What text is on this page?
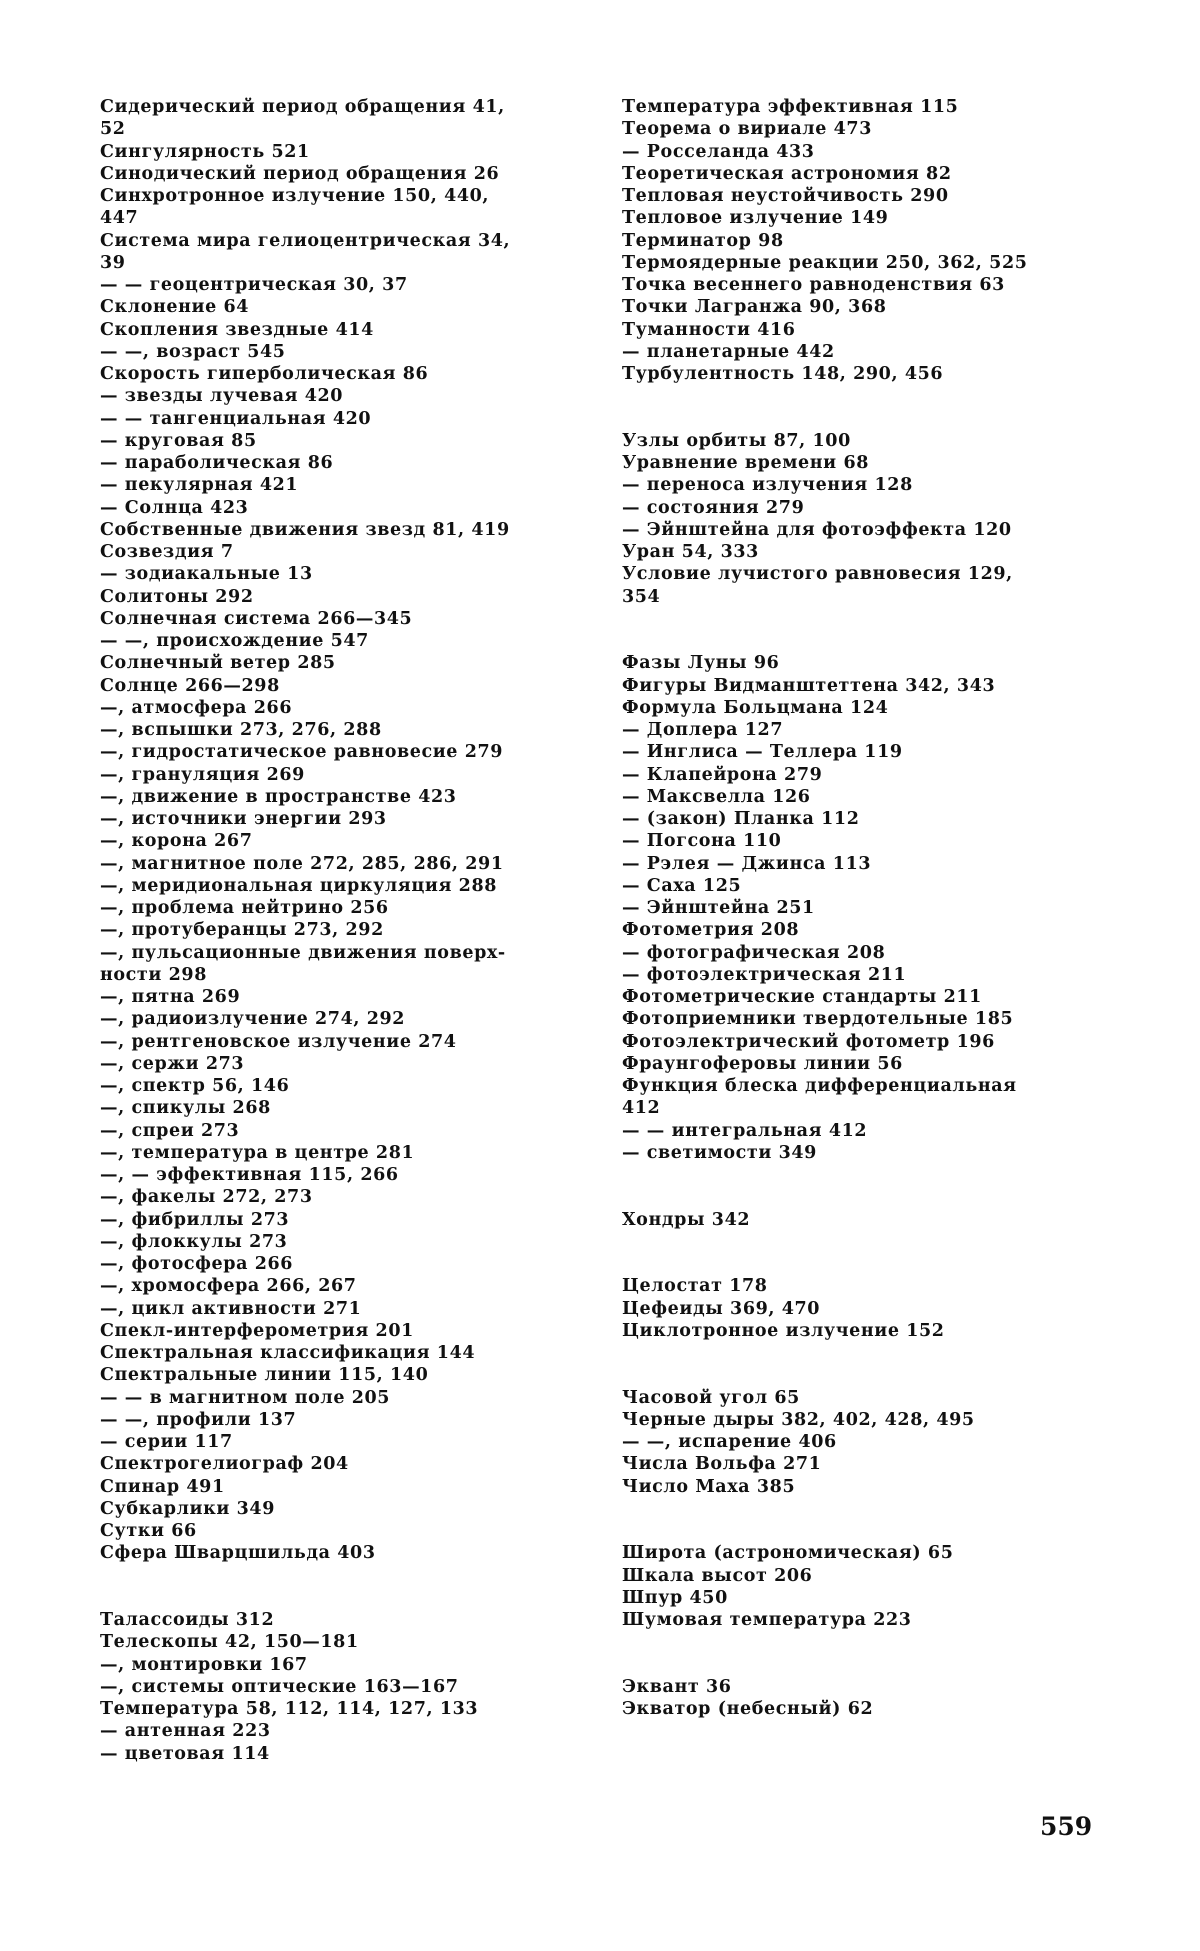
Сидерический период обращения 41,
52
Сингулярность 521
Синодический период обращения 26
Синхротронное излучение 150, 440,
447
Система мира гелиоцентрическая 34,
39
— — геоцентрическая 30, 37
Склонение 64
Скопления звездные 414
— —, возраст 545
Скорость гиперболическая 86
— звезды лучевая 420
— — тангенциальная 420
— круговая 85
— параболическая 86
— пекулярная 421
— Солнца 423
Собственные движения звезд 81, 419
Созвездия 7
— зодиакальные 13
Солитоны 292
Солнечная система 266—345
— —, происхождение 547
Солнечный ветер 285
Солнце 266—298
—, атмосфера 266
—, вспышки 273, 276, 288
—, гидростатическое равновесие 279
—, грануляция 269
—, движение в пространстве 423
—, источники энергии 293
—, корона 267
—, магнитное поле 272, 285, 286, 291
—, меридиональная циркуляция 288
—, проблема нейтрино 256
—, протуберанцы 273, 292
—, пульсационные движения поверх-
ности 298
—, пятна 269
—, радиоизлучение 274, 292
—, рентгеновское излучение 274
—, сержи 273
—, спектр 56, 146
—, спикулы 268
—, спреи 273
—, температура в центре 281
—, — эффективная 115, 266
—, факелы 272, 273
—, фибриллы 273
—, флоккулы 273
—, фотосфера 266
—, хромосфера 266, 267
—, цикл активности 271
Спекл-интерферометрия 201
Спектральная классификация 144
Спектральные линии 115, 140
— — в магнитном поле 205
— —, профили 137
— серии 117
Спектрогелиограф 204
Спинар 491
Субкарлики 349
Сутки 66
Сфера Шварцшильда 403
Талассоиды 312
Телескопы 42, 150—181
—, монтировки 167
—, системы оптические 163—167
Температура 58, 112, 114, 127, 133
— антенная 223
— цветовая 114
Температура эффективная 115
Теорема о вириале 473
— Росселанда 433
Теоретическая астрономия 82
Тепловая неустойчивость 290
Тепловое излучение 149
Терминатор 98
Термоядерные реакции 250, 362, 525
Точка весеннего равноденствия 63
Точки Лагранжа 90, 368
Туманности 416
— планетарные 442
Турбулентность 148, 290, 456
Узлы орбиты 87, 100
Уравнение времени 68
— переноса излучения 128
— состояния 279
— Эйнштейна для фотоэффекта 120
Уран 54, 333
Условие лучистого равновесия 129,
354
Фазы Луны 96
Фигуры Видманштеттена 342, 343
Формула Больцмана 124
— Доплера 127
— Инглиса — Теллера 119
— Клапейрона 279
— Максвелла 126
— (закон) Планка 112
— Погсона 110
— Рэлея — Джинса 113
— Саха 125
— Эйнштейна 251
Фотометрия 208
— фотографическая 208
— фотоэлектрическая 211
Фотометрические стандарты 211
Фотоприемники твердотельные 185
Фотоэлектрический фотометр 196
Фраунгоферовы линии 56
Функция блеска дифференциальная
412
— — интегральная 412
— светимости 349
Хондры 342
Целостат 178
Цефеиды 369, 470
Циклотронное излучение 152
Часовой угол 65
Черные дыры 382, 402, 428, 495
— —, испарение 406
Числа Вольфа 271
Число Маха 385
Широта (астрономическая) 65
Шкала высот 206
Шпур 450
Шумовая температура 223
Эквант 36
Экватор (небесный) 62
559
